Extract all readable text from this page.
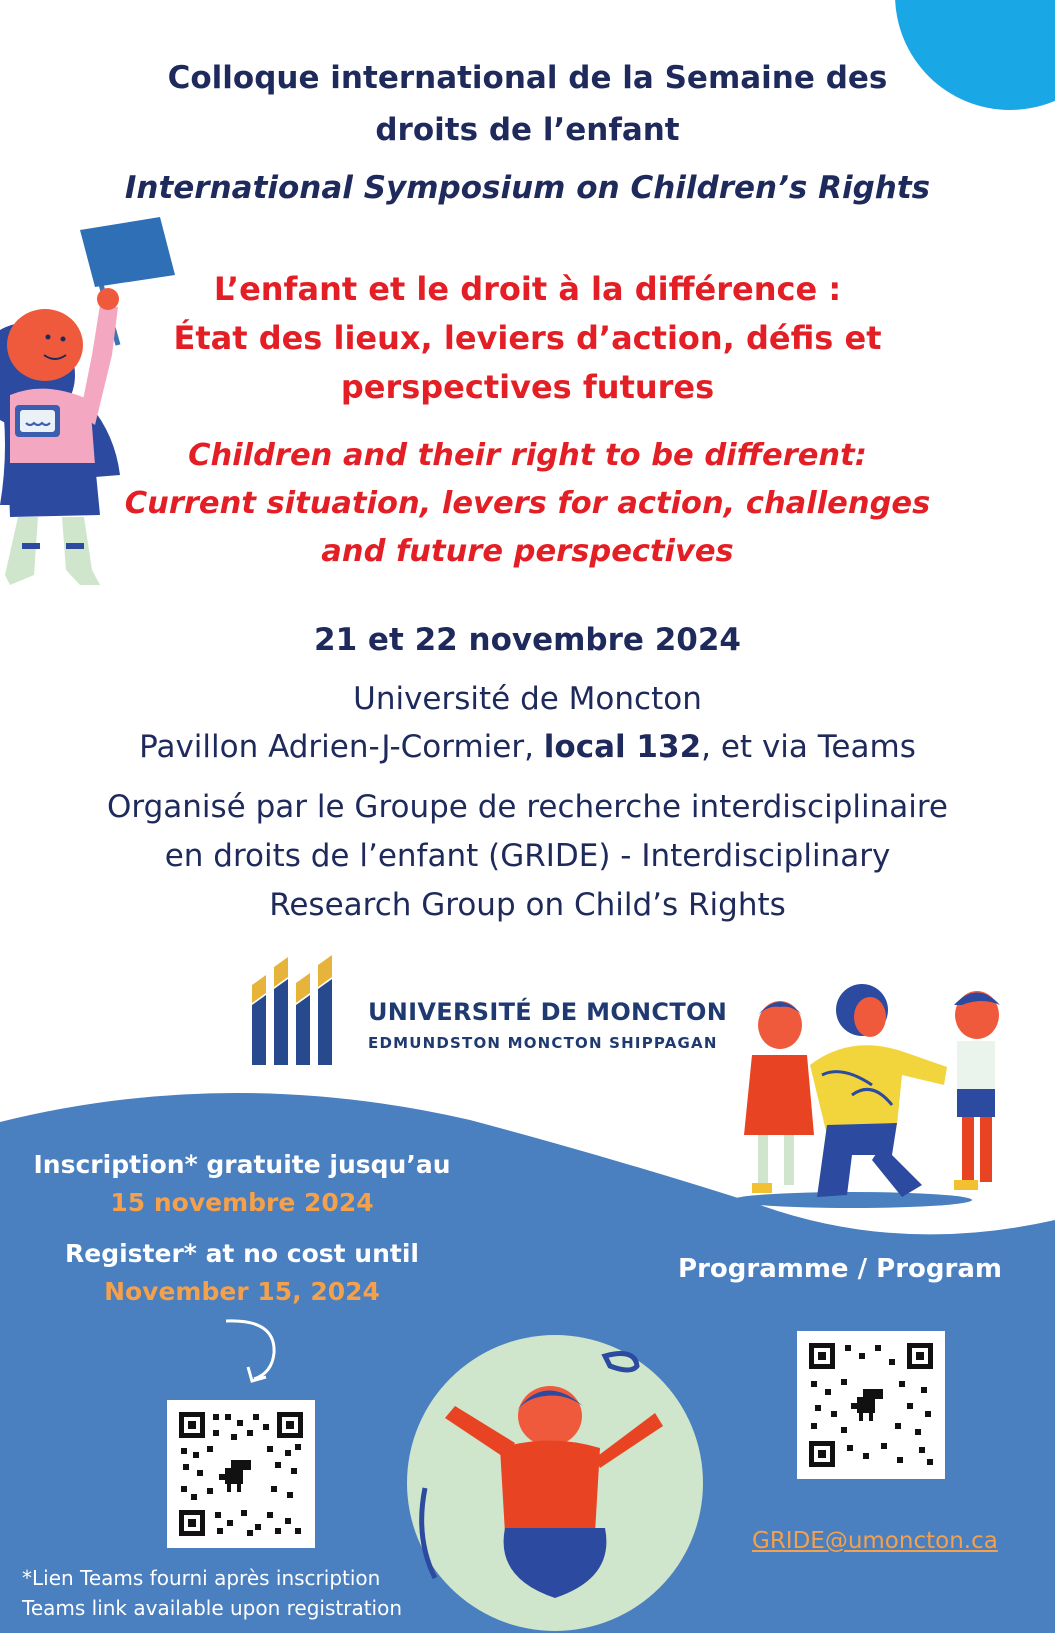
Colloque international de la Semaine des droits de l’enfant
International Symposium on Children’s Rights
L’enfant et le droit à la différence :
État des lieux, leviers d’action, défis et
perspectives futures
Children and their right to be different:
Current situation, levers for action, challenges
and future perspectives
21 et 22 novembre 2024
Université de Moncton
Pavillon Adrien-J-Cormier, local 132, et via Teams
Organisé par le Groupe de recherche interdisciplinaire
en droits de l’enfant (GRIDE) - Interdisciplinary
Research Group on Child’s Rights
UNIVERSITÉ DE MONCTON
EDMUNDSTON MONCTON SHIPPAGAN
Inscription* gratuite jusqu’au
15 novembre 2024
Register* at no cost until
November 15, 2024
Programme / Program
GRIDE@umoncton.ca
*Lien Teams fourni après inscription
Teams link available upon registration
